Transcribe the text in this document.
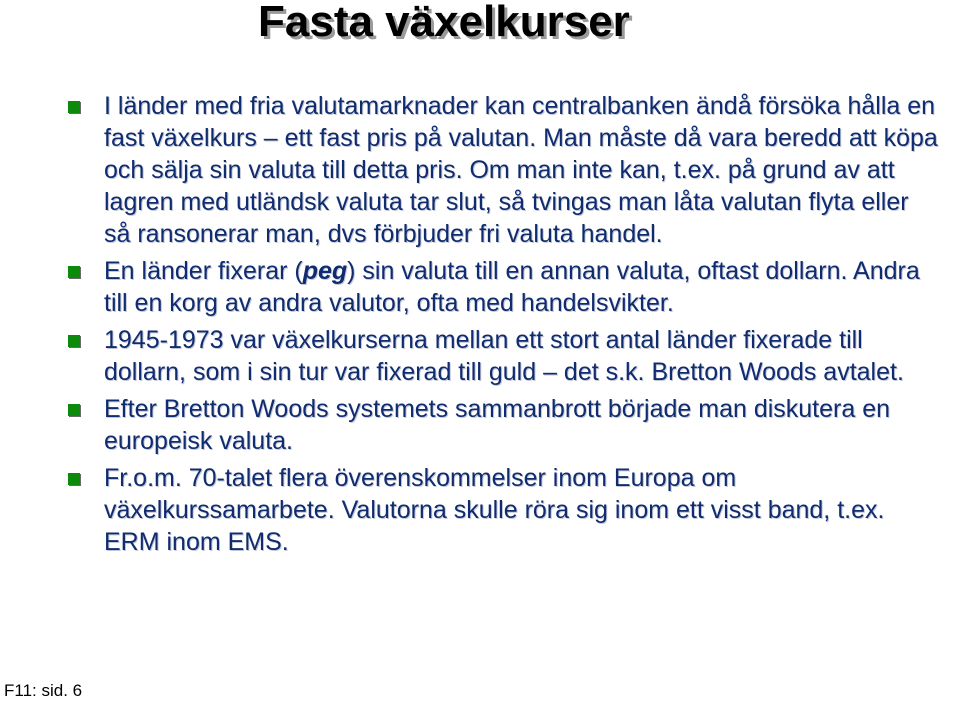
Fasta växelkurser
I länder med fria valutamarknader kan centralbanken ändå försöka hålla en fast växelkurs – ett fast pris på valutan. Man måste då vara beredd att köpa och sälja sin valuta till detta pris. Om man inte kan, t.ex. på grund av att lagren med utländsk valuta tar slut, så tvingas man låta valutan flyta eller så ransonerar man, dvs förbjuder fri valuta handel.
En länder fixerar (peg) sin valuta till en annan valuta, oftast dollarn. Andra till en korg av andra valutor, ofta med handelsvikter.
1945-1973 var växelkurserna mellan ett stort antal länder fixerade till dollarn, som i sin tur var fixerad till guld – det s.k. Bretton Woods avtalet.
Efter Bretton Woods systemets sammanbrott började man diskutera en europeisk valuta.
Fr.o.m. 70-talet flera överenskommelser inom Europa om växelkurssamarbete. Valutorna skulle röra sig inom ett visst band, t.ex. ERM inom EMS.
F11: sid. 6
